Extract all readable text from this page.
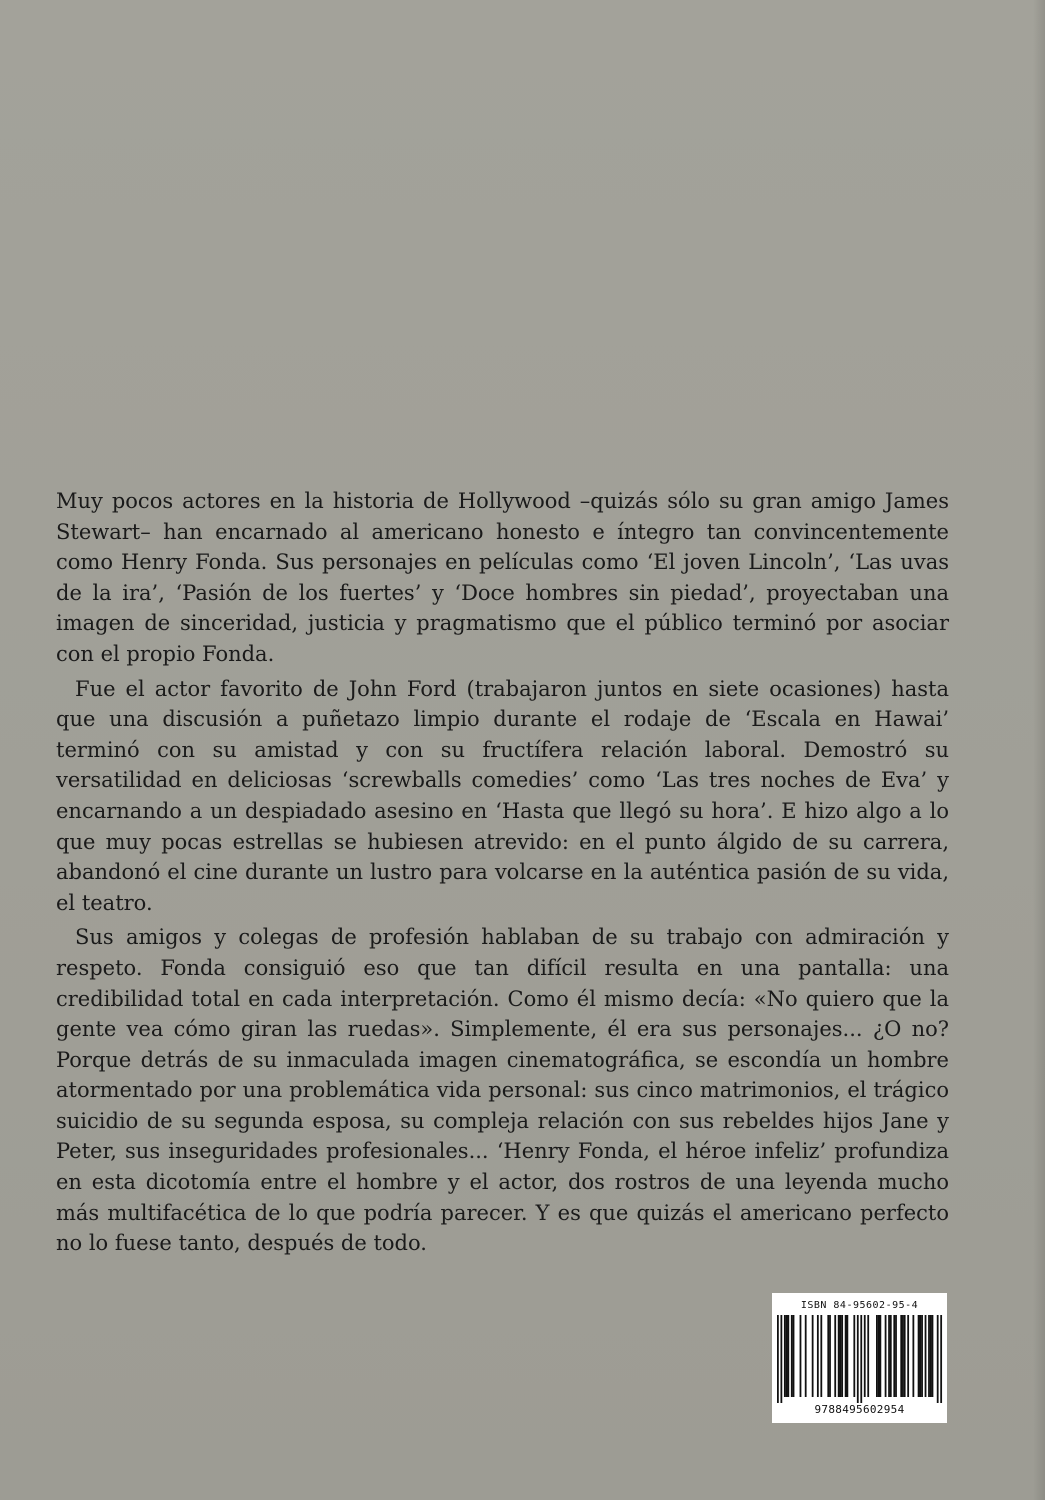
Muy pocos actores en la historia de Hollywood –quizás sólo su gran amigo James Stewart– han encarnado al americano honesto e íntegro tan convincentemente como Henry Fonda. Sus personajes en películas como ‘El joven Lincoln’, ‘Las uvas de la ira’, ‘Pasión de los fuertes’ y ‘Doce hombres sin piedad’, proyectaban una imagen de sinceridad, justicia y pragmatismo que el público terminó por asociar con el propio Fonda.

Fue el actor favorito de John Ford (trabajaron juntos en siete ocasiones) hasta que una discusión a puñetazo limpio durante el rodaje de ‘Escala en Hawai’ terminó con su amistad y con su fructífera relación laboral. Demostró su versatilidad en deliciosas ‘screwballs comedies’ como ‘Las tres noches de Eva’ y encarnando a un despiadado asesino en ‘Hasta que llegó su hora’. E hizo algo a lo que muy pocas estrellas se hubiesen atrevido: en el punto álgido de su carrera, abandonó el cine durante un lustro para volcarse en la auténtica pasión de su vida, el teatro.

Sus amigos y colegas de profesión hablaban de su trabajo con admiración y respeto. Fonda consiguió eso que tan difícil resulta en una pantalla: una credibilidad total en cada interpretación. Como él mismo decía: «No quiero que la gente vea cómo giran las ruedas». Simplemente, él era sus personajes... ¿O no? Porque detrás de su inmaculada imagen cinematográfica, se escondía un hombre atormentado por una problemática vida personal: sus cinco matrimonios, el trágico suicidio de su segunda esposa, su compleja relación con sus rebeldes hijos Jane y Peter, sus inseguridades profesionales... ‘Henry Fonda, el héroe infeliz’ profundiza en esta dicotomía entre el hombre y el actor, dos rostros de una leyenda mucho más multifacética de lo que podría parecer. Y es que quizás el americano perfecto no lo fuese tanto, después de todo.

ISBN 84-95602-95-4
9788495602954
